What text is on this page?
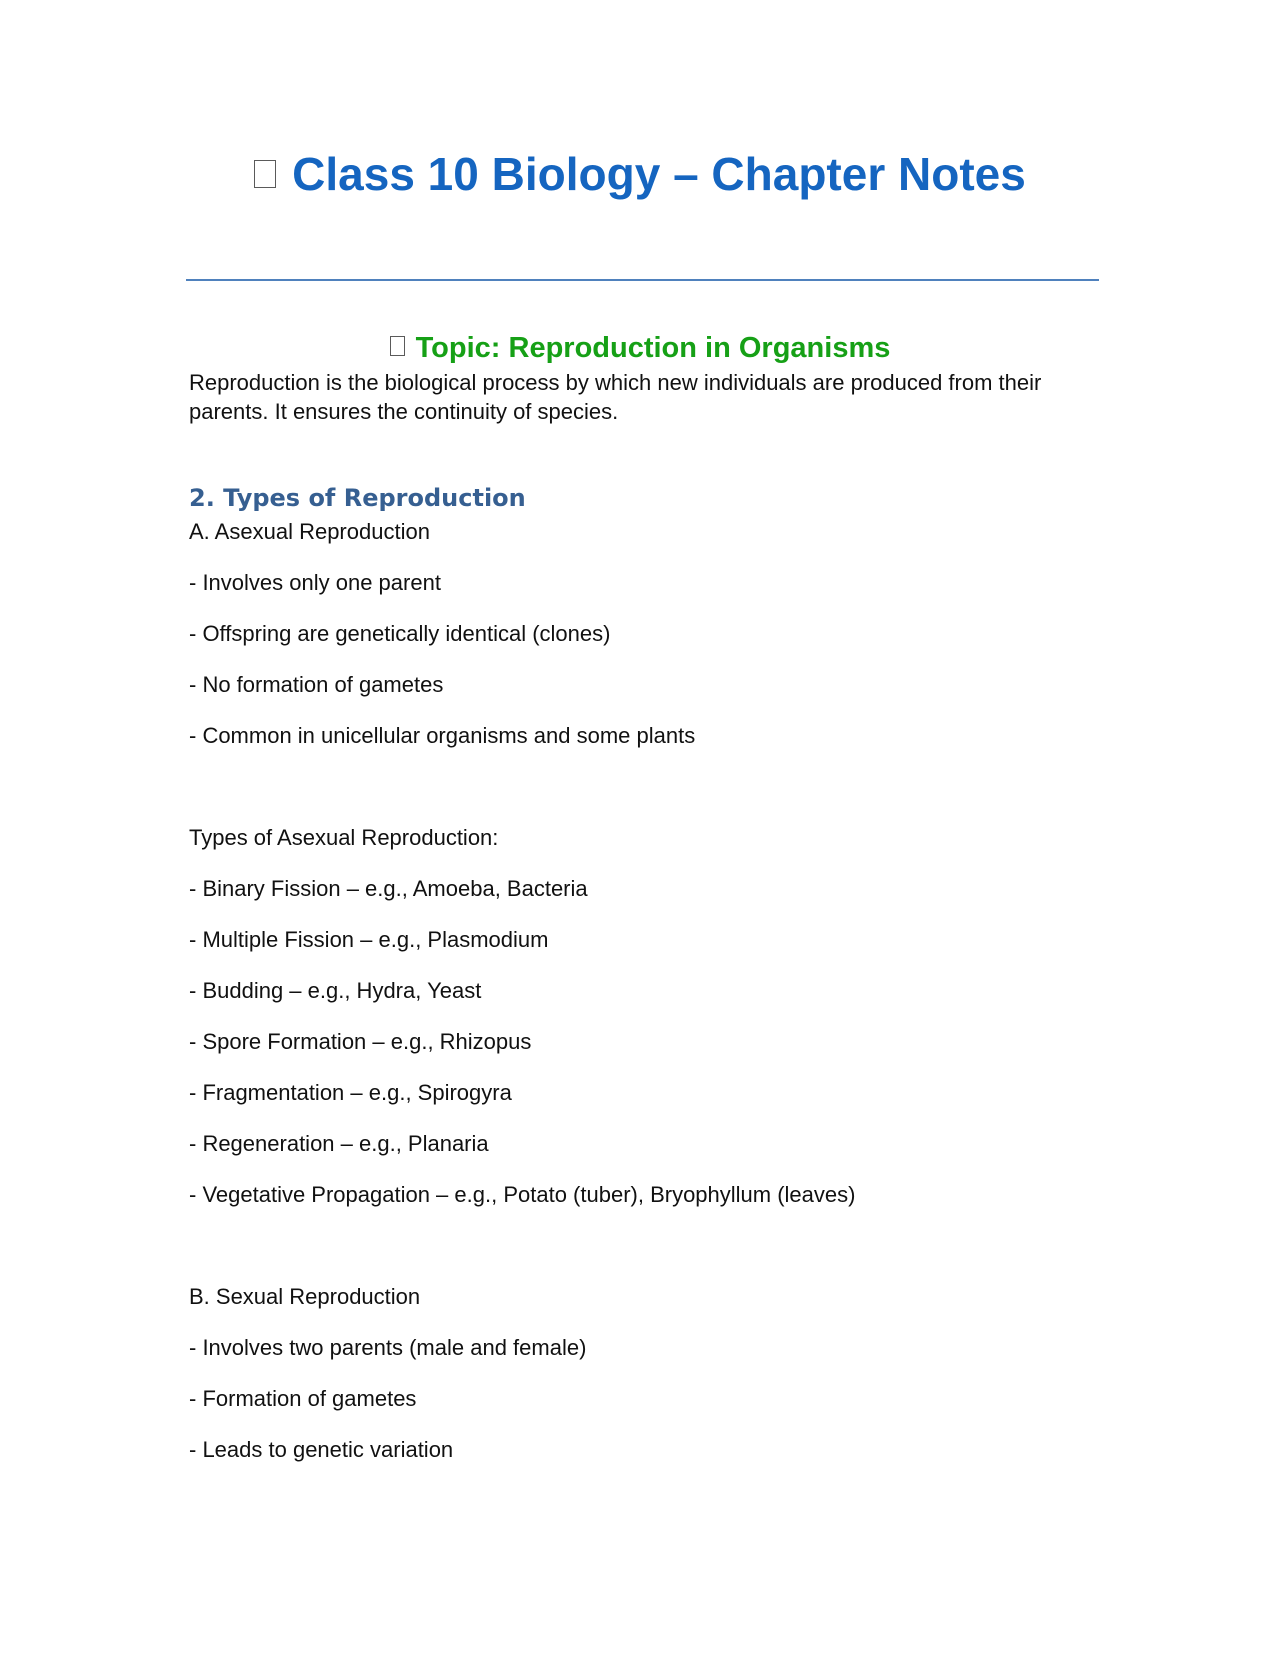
Class 10 Biology – Chapter Notes
Topic: Reproduction in Organisms

Reproduction is the biological process by which new individuals are produced from their parents. It ensures the continuity of species.

2. Types of Reproduction
A. Asexual Reproduction
- Involves only one parent
- Offspring are genetically identical (clones)
- No formation of gametes
- Common in unicellular organisms and some plants
Types of Asexual Reproduction:
- Binary Fission – e.g., Amoeba, Bacteria
- Multiple Fission – e.g., Plasmodium
- Budding – e.g., Hydra, Yeast
- Spore Formation – e.g., Rhizopus
- Fragmentation – e.g., Spirogyra
- Regeneration – e.g., Planaria
- Vegetative Propagation – e.g., Potato (tuber), Bryophyllum (leaves)
B. Sexual Reproduction
- Involves two parents (male and female)
- Formation of gametes
- Leads to genetic variation
